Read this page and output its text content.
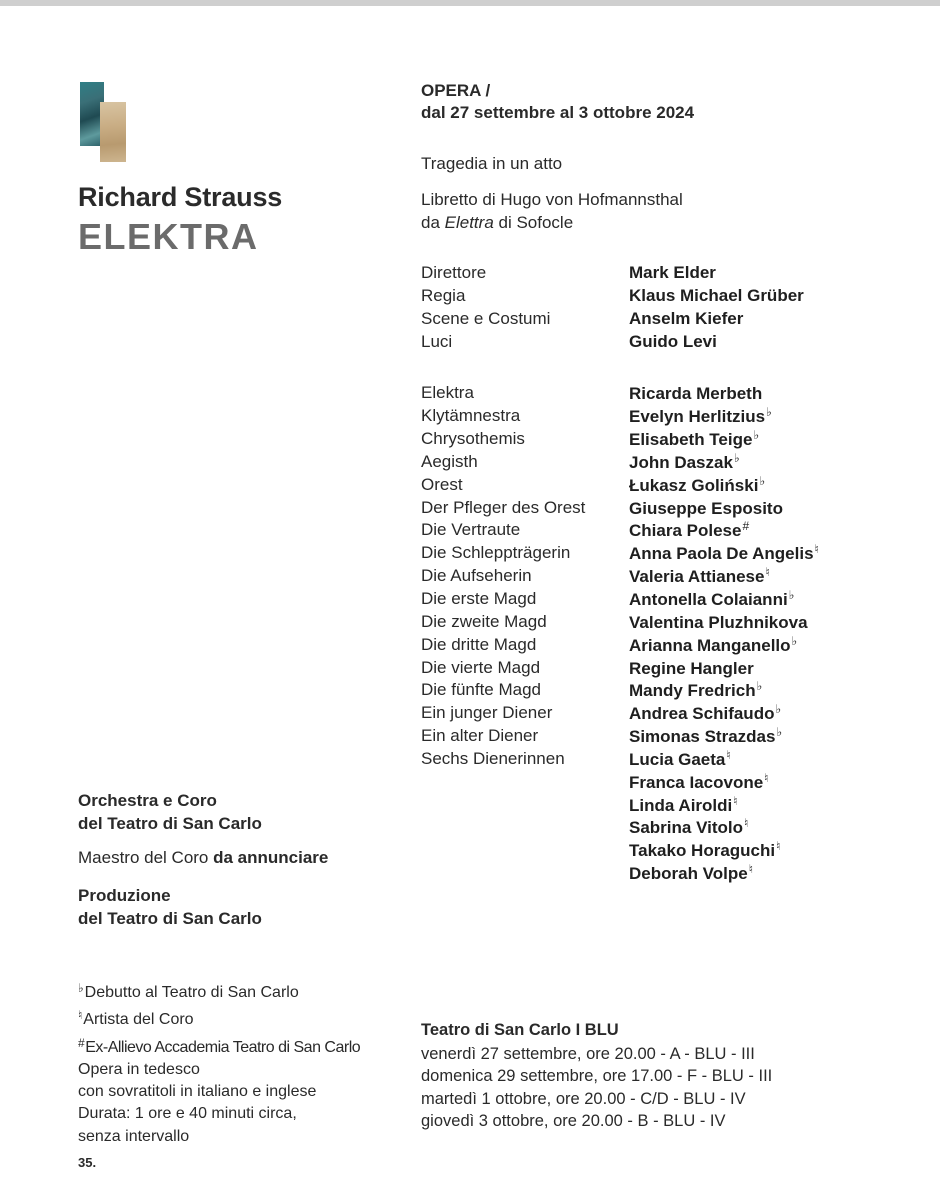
Richard Strauss
ELEKTRA
OPERA /
dal 27 settembre al 3 ottobre 2024
Tragedia in un atto
Libretto di Hugo von Hofmannsthal
da Elettra di Sofocle
Direttore	Mark Elder
Regia	Klaus Michael Grüber
Scene e Costumi	Anselm Kiefer
Luci	Guido Levi
Elektra	Ricarda Merbeth
Klytämnestra	Evelyn Herlitzius♭
Chrysothemis	Elisabeth Teige♭
Aegisth	John Daszak♭
Orest	Łukasz Goliński♭
Der Pfleger des Orest	Giuseppe Esposito
Die Vertraute	Chiara Polese#
Die Schleppträgerin	Anna Paola De Angelis♮
Die Aufseherin	Valeria Attianese♮
Die erste Magd	Antonella Colaianni♭
Die zweite Magd	Valentina Pluzhnikova
Die dritte Magd	Arianna Manganello♭
Die vierte Magd	Regine Hangler
Die fünfte Magd	Mandy Fredrich♭
Ein junger Diener	Andrea Schifaudo♭
Ein alter Diener	Simonas Strazdas♭
Sechs Dienerinnen	Lucia Gaeta♮
Franca Iacovone♮
Linda Airoldi♮
Sabrina Vitolo♮
Takako Horaguchi♮
Deborah Volpe♮
Orchestra e Coro
del Teatro di San Carlo
Maestro del Coro da annunciare
Produzione
del Teatro di San Carlo
♭Debutto al Teatro di San Carlo
♮Artista del Coro
#Ex-Allievo Accademia Teatro di San Carlo
Opera in tedesco
con sovratitoli in italiano e inglese
Durata: 1 ore e 40 minuti circa,
senza intervallo
Teatro di San Carlo I BLU
venerdì 27 settembre, ore 20.00 - A - BLU - III
domenica 29 settembre, ore 17.00 - F - BLU - III
martedì 1 ottobre, ore 20.00 - C/D - BLU - IV
giovedì 3 ottobre, ore 20.00 - B - BLU - IV
35.
